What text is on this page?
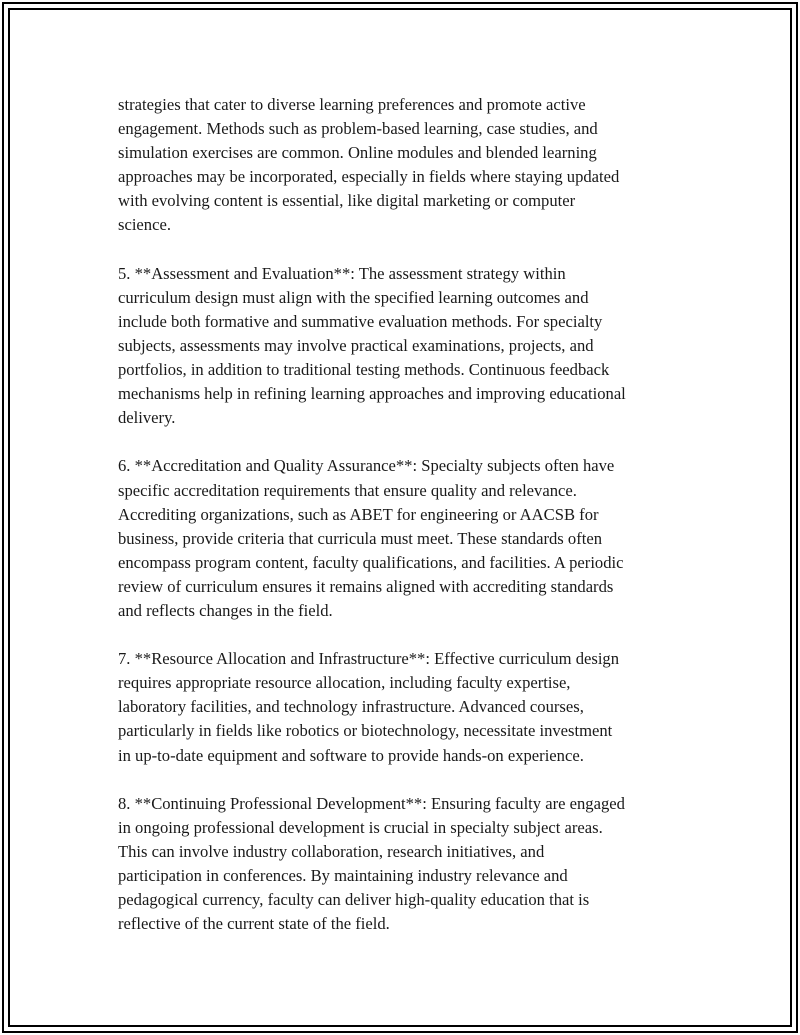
strategies that cater to diverse learning preferences and promote active
engagement. Methods such as problem-based learning, case studies, and
simulation exercises are common. Online modules and blended learning
approaches may be incorporated, especially in fields where staying updated
with evolving content is essential, like digital marketing or computer
science.

5. **Assessment and Evaluation**: The assessment strategy within
curriculum design must align with the specified learning outcomes and
include both formative and summative evaluation methods. For specialty
subjects, assessments may involve practical examinations, projects, and
portfolios, in addition to traditional testing methods. Continuous feedback
mechanisms help in refining learning approaches and improving educational
delivery.

6. **Accreditation and Quality Assurance**: Specialty subjects often have
specific accreditation requirements that ensure quality and relevance.
Accrediting organizations, such as ABET for engineering or AACSB for
business, provide criteria that curricula must meet. These standards often
encompass program content, faculty qualifications, and facilities. A periodic
review of curriculum ensures it remains aligned with accrediting standards
and reflects changes in the field.

7. **Resource Allocation and Infrastructure**: Effective curriculum design
requires appropriate resource allocation, including faculty expertise,
laboratory facilities, and technology infrastructure. Advanced courses,
particularly in fields like robotics or biotechnology, necessitate investment
in up-to-date equipment and software to provide hands-on experience.

8. **Continuing Professional Development**: Ensuring faculty are engaged
in ongoing professional development is crucial in specialty subject areas.
This can involve industry collaboration, research initiatives, and
participation in conferences. By maintaining industry relevance and
pedagogical currency, faculty can deliver high-quality education that is
reflective of the current state of the field.
